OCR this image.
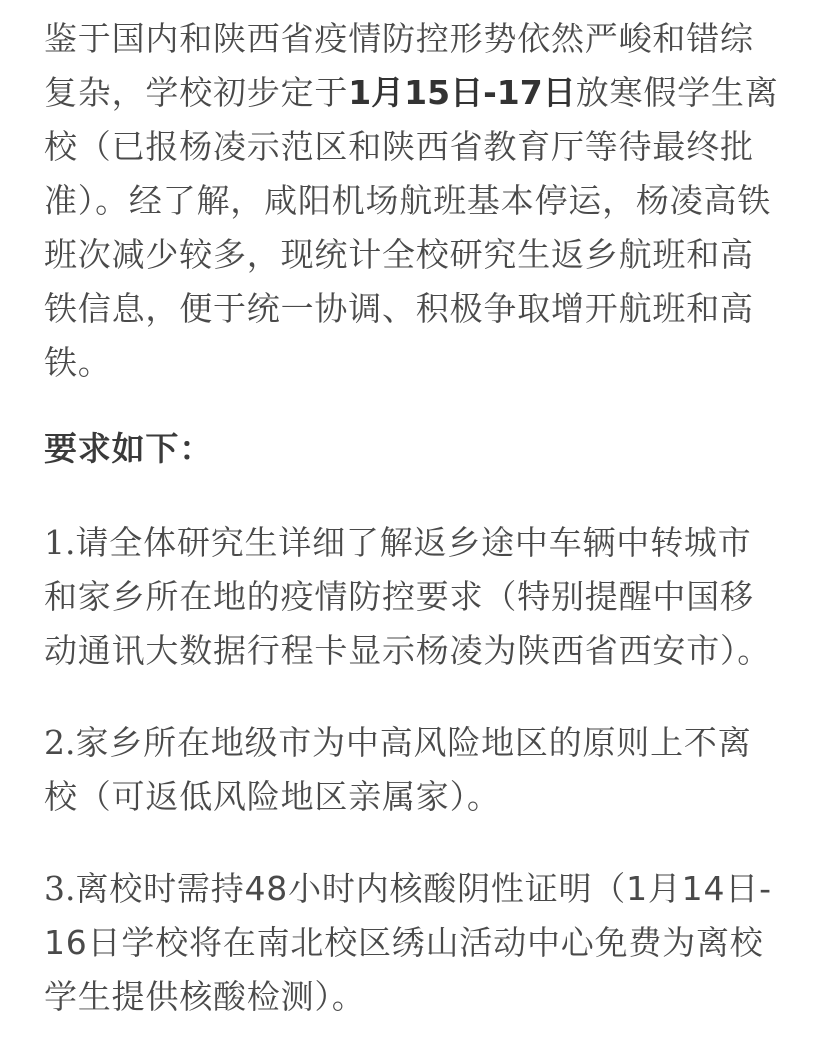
鉴于国内和陕西省疫情防控形势依然严峻和错综复杂，学校初步定于1月15日-17日放寒假学生离校（已报杨凌示范区和陕西省教育厅等待最终批准）。经了解，咸阳机场航班基本停运，杨凌高铁班次减少较多，现统计全校研究生返乡航班和高铁信息，便于统一协调、积极争取增开航班和高铁。

要求如下：

1.请全体研究生详细了解返乡途中车辆中转城市和家乡所在地的疫情防控要求（特别提醒中国移动通讯大数据行程卡显示杨凌为陕西省西安市）。

2.家乡所在地级市为中高风险地区的原则上不离校（可返低风险地区亲属家）。

3.离校时需持48小时内核酸阴性证明（1月14日-16日学校将在南北校区绣山活动中心免费为离校学生提供核酸检测）。
